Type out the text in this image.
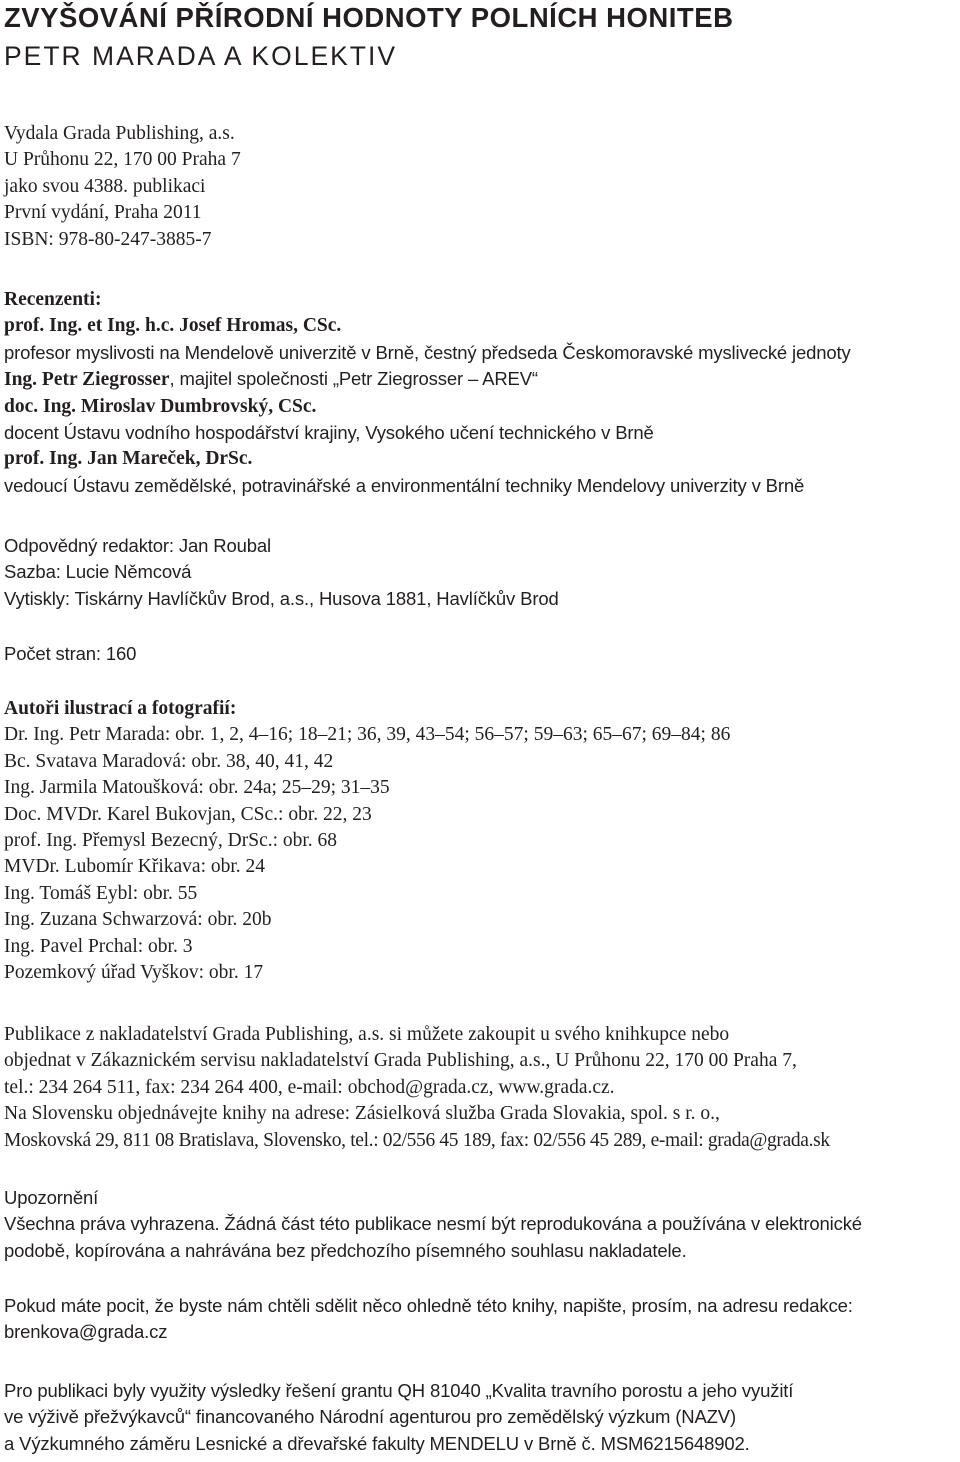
ZVYŠOVÁNÍ PŘÍRODNÍ HODNOTY POLNÍCH HONITEB
PETR MARADA A KOLEKTIV
Vydala Grada Publishing, a.s.
U Průhonu 22, 170 00 Praha 7
jako svou 4388. publikaci
První vydání, Praha 2011
ISBN: 978-80-247-3885-7
Recenzenti:
prof. Ing. et Ing. h.c. Josef Hromas, CSc.
profesor myslivosti na Mendelově univerzitě v Brně, čestný předseda Českomoravské myslivecké jednoty
Ing. Petr Ziegrosser, majitel společnosti „Petr Ziegrosser – AREV“
doc. Ing. Miroslav Dumbrovský, CSc.
docent Ústavu vodního hospodářství krajiny, Vysokého učení technického v Brně
prof. Ing. Jan Mareček, DrSc.
vedoucí Ústavu zemědělské, potravinářské a environmentální techniky Mendelovy univerzity v Brně
Odpovědný redaktor: Jan Roubal
Sazba: Lucie Němcová
Vytiskly: Tiskárny Havlíčkův Brod, a.s., Husova 1881, Havlíčkův Brod
Počet stran: 160
Autoři ilustrací a fotografií:
Dr. Ing. Petr Marada: obr. 1, 2, 4–16; 18–21; 36, 39, 43–54; 56–57; 59–63; 65–67; 69–84; 86
Bc. Svatava Maradová: obr. 38, 40, 41, 42
Ing. Jarmila Matoušková: obr. 24a; 25–29; 31–35
Doc. MVDr. Karel Bukovjan, CSc.: obr. 22, 23
prof. Ing. Přemysl Bezecný, DrSc.: obr. 68
MVDr. Lubomír Křikava: obr. 24
Ing. Tomáš Eybl: obr. 55
Ing. Zuzana Schwarzová: obr. 20b
Ing. Pavel Prchal: obr. 3
Pozemkový úřad Vyškov: obr. 17
Publikace z nakladatelství Grada Publishing, a.s. si můžete zakoupit u svého knihkupce nebo
objednat v Zákaznickém servisu nakladatelství Grada Publishing, a.s., U Průhonu 22, 170 00 Praha 7,
tel.: 234 264 511, fax: 234 264 400, e-mail: obchod@grada.cz, www.grada.cz.
Na Slovensku objednávejte knihy na adrese: Zásielková služba Grada Slovakia, spol. s r. o.,
Moskovská 29, 811 08 Bratislava, Slovensko, tel.: 02/556 45 189, fax: 02/556 45 289, e-mail: grada@grada.sk
Upozornění
Všechna práva vyhrazena. Žádná část této publikace nesmí být reprodukována a používána v elektronické
podobě, kopírována a nahrávána bez předchozího písemného souhlasu nakladatele.
Pokud máte pocit, že byste nám chtěli sdělit něco ohledně této knihy, napište, prosím, na adresu redakce:
brenkova@grada.cz
Pro publikaci byly využity výsledky řešení grantu QH 81040 „Kvalita travního porostu a jeho využití
ve výživě přežvýkavců“ financovaného Národní agenturou pro zemědělský výzkum (NAZV)
a Výzkumného záměru Lesnické a dřevařské fakulty MENDELU v Brně č. MSM6215648902.
